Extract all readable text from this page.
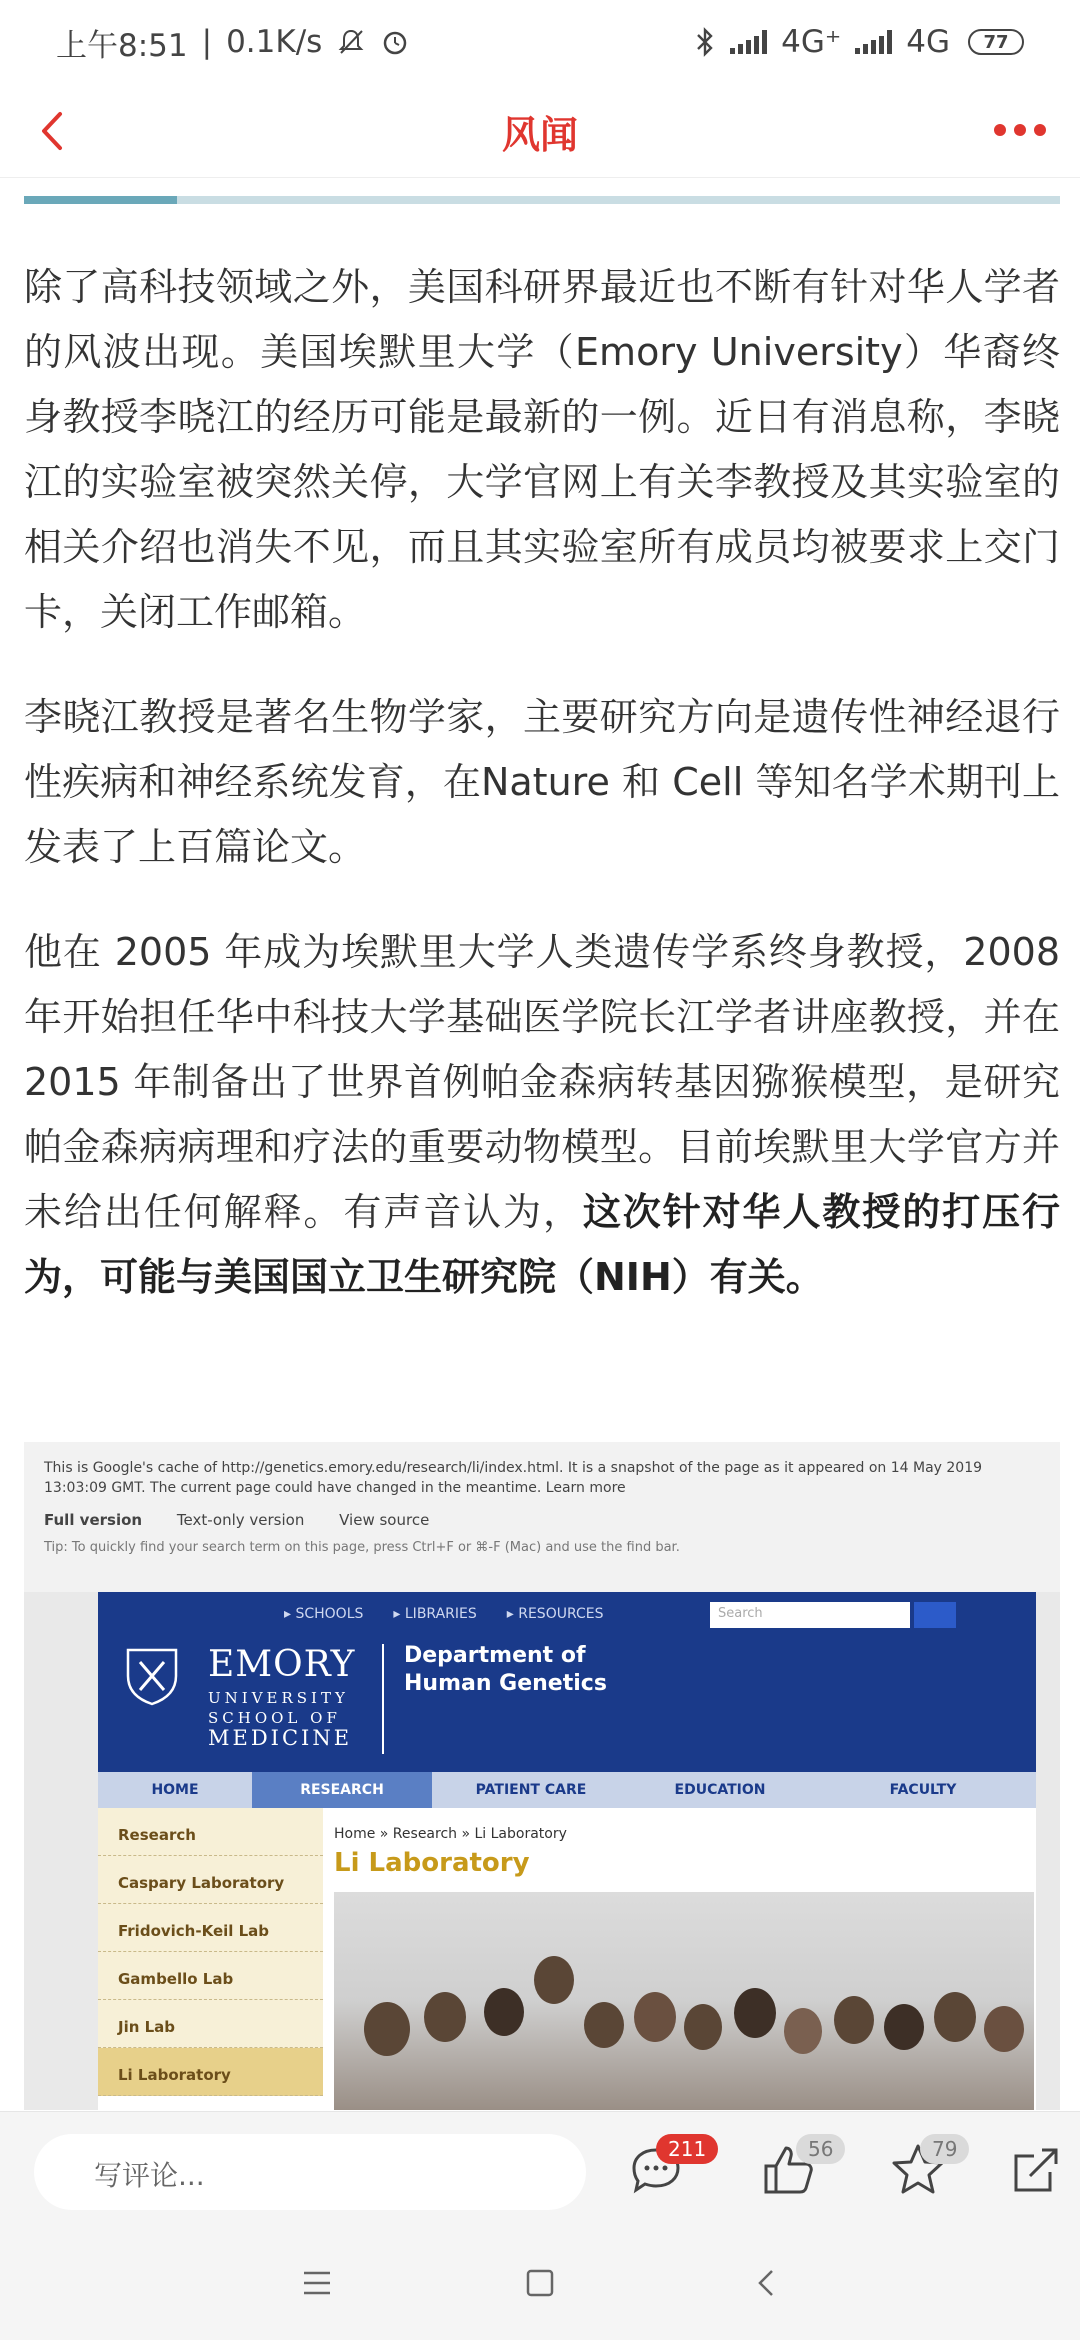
上午8:51 | 0.1K/s	4G⁺ 4G	77
风闻

除了高科技领域之外，美国科研界最近也不断有针对华人学者的风波出现。美国埃默里大学（Emory University）华裔终身教授李晓江的经历可能是最新的一例。近日有消息称，李晓江的实验室被突然关停，大学官网上有关李教授及其实验室的相关介绍也消失不见，而且其实验室所有成员均被要求上交门卡，关闭工作邮箱。

李晓江教授是著名生物学家，主要研究方向是遗传性神经退行性疾病和神经系统发育，在Nature 和 Cell 等知名学术期刊上发表了上百篇论文。

他在 2005 年成为埃默里大学人类遗传学系终身教授，2008 年开始担任华中科技大学基础医学院长江学者讲座教授，并在 2015 年制备出了世界首例帕金森病转基因猕猴模型，是研究帕金森病病理和疗法的重要动物模型。目前埃默里大学官方并未给出任何解释。有声音认为，这次针对华人教授的打压行为，可能与美国国立卫生研究院（NIH）有关。

This is Google's cache of http://genetics.emory.edu/research/li/index.html. It is a snapshot of the page as it appeared on 14 May 2019 13:03:09 GMT. The current page could have changed in the meantime. Learn more
Full version Text-only version View source
Tip: To quickly find your search term on this page, press Ctrl+F or ⌘-F (Mac) and use the find bar.
▸ SCHOOLS ▸ LIBRARIES ▸ RESOURCES	Search
EMORY
UNIVERSITY
SCHOOL OF
MEDICINE
Department of
Human Genetics
HOME	RESEARCH	PATIENT CARE	EDUCATION	FACULTY
Research
Caspary Laboratory
Fridovich-Keil Lab
Gambello Lab
Jin Lab
Li Laboratory
Home » Research » Li Laboratory
Li Laboratory
写评论...
211	56	79
